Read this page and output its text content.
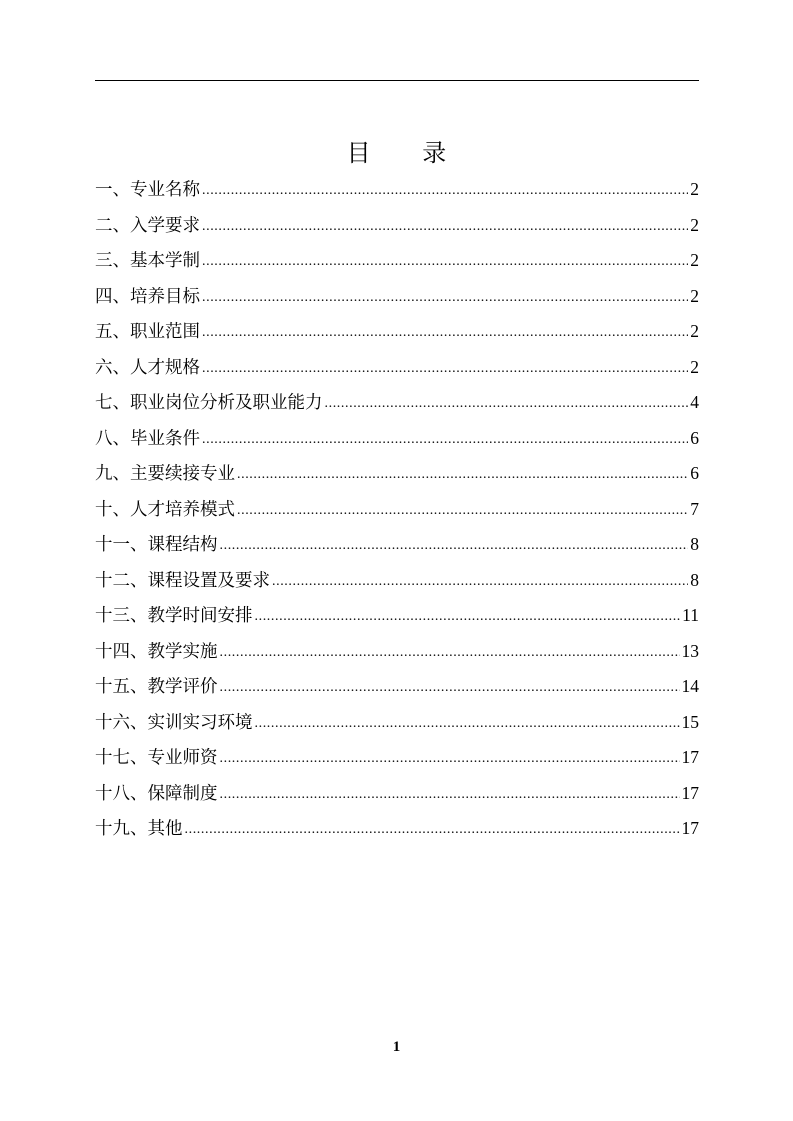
目 录
一、专业名称 .....	2
二、入学要求 .....	2
三、基本学制 .....	2
四、培养目标 .....	2
五、职业范围 .....	2
六、人才规格 .....	2
七、职业岗位分析及职业能力 .....	4
八、毕业条件 .....	6
九、主要续接专业 .....	6
十、人才培养模式 .....	7
十一、课程结构 .....	8
十二、课程设置及要求 .....	8
十三、教学时间安排 .....	11
十四、教学实施 .....	13
十五、教学评价 .....	14
十六、实训实习环境 .....	15
十七、专业师资 .....	17
十八、保障制度 .....	17
十九、其他 .....	17
1
